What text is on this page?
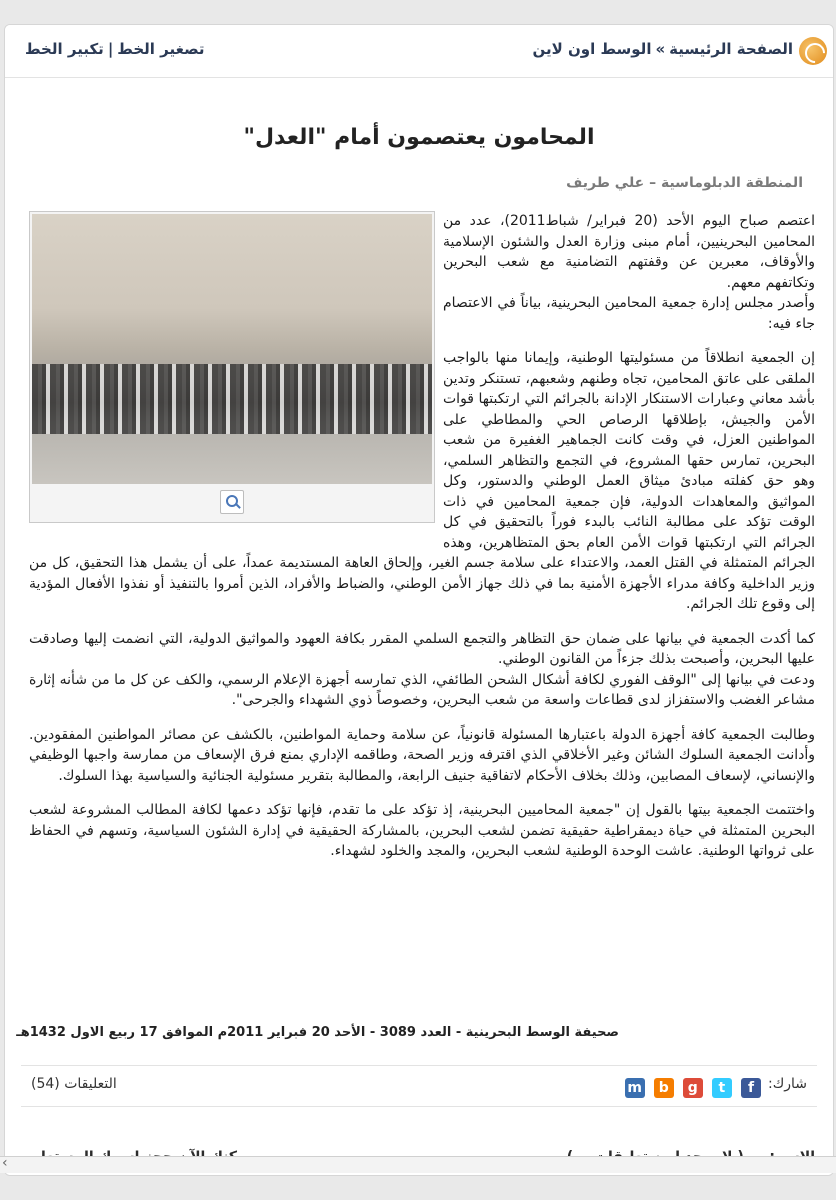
الصفحة الرئيسية»الوسط اون لاين
تصغير الخط|تكبير الخط
المحامون يعتصمون أمام "العدل"
المنطقة الدبلوماسية – علي طريف

اعتصم صباح اليوم الأحد (20 فبراير/ شباط2011)، عدد من المحامين البحرينيين، أمام مبنى وزارة العدل والشئون الإسلامية والأوقاف، معبرين عن وقفتهم التضامنية مع شعب البحرين وتكاتفهم معهم.
وأصدر مجلس إدارة جمعية المحامين البحرينية، بياناً في الاعتصام جاء فيه:

إن الجمعية انطلاقاً من مسئوليتها الوطنية، وإيمانا منها بالواجب الملقى على عاتق المحامين، تجاه وطنهم وشعبهم، تستنكر وتدين بأشد معاني وعبارات الاستنكار الإدانة بالجرائم التي ارتكبتها قوات الأمن والجيش، بإطلاقها الرصاص الحي والمطاطي على المواطنين العزل، في وقت كانت الجماهير الغفيرة من شعب البحرين، تمارس حقها المشروع، في التجمع والتظاهر السلمي، وهو حق كفلته مبادئ ميثاق العمل الوطني والدستور، وكل المواثيق والمعاهدات الدولية، فإن جمعية المحامين في ذات الوقت تؤكد على مطالبة النائب بالبدء فوراً بالتحقيق في كل الجرائم التي ارتكبتها قوات الأمن العام بحق المتظاهرين، وهذه الجرائم المتمثلة في القتل العمد، والاعتداء على سلامة جسم الغير، وإلحاق العاهة المستديمة عمداً، على أن يشمل هذا التحقيق، كل من وزير الداخلية وكافة مدراء الأجهزة الأمنية بما في ذلك جهاز الأمن الوطني، والضباط والأفراد، الذين أمروا بالتنفيذ أو نفذوا الأفعال المؤدية إلى وقوع تلك الجرائم.

كما أكدت الجمعية في بيانها على ضمان حق التظاهر والتجمع السلمي المقرر بكافة العهود والمواثيق الدولية، التي انضمت إليها وصادقت عليها البحرين، وأصبحت بذلك جزءاً من القانون الوطني.
ودعت في بيانها إلى "الوقف الفوري لكافة أشكال الشحن الطائفي، الذي تمارسه أجهزة الإعلام الرسمي، والكف عن كل ما من شأنه إثارة مشاعر الغضب والاستفزاز لدى قطاعات واسعة من شعب البحرين، وخصوصاً ذوي الشهداء والجرحى".

وطالبت الجمعية كافة أجهزة الدولة باعتبارها المسئولة قانونياً، عن سلامة وحماية المواطنين، بالكشف عن مصائر المواطنين المفقودين. وأدانت الجمعية السلوك الشائن وغير الأخلاقي الذي اقترفه وزير الصحة، وطاقمه الإداري بمنع فرق الإسعاف من ممارسة واجبها الوظيفي والإنساني، لإسعاف المصابين، وذلك بخلاف الأحكام لاتفاقية جنيف الرابعة، والمطالبة بتقرير مسئولية الجنائية والسياسية بهذا السلوك.

واختتمت الجمعية بيتها بالقول إن "جمعية المحاميين البحرينية، إذ تؤكد على ما تقدم، فإنها تؤكد دعمها لكافة المطالب المشروعة لشعب البحرين المتمثلة في حياة ديمقراطية حقيقية تضمن لشعب البحرين، بالمشاركة الحقيقية في إدارة الشئون السياسية، وتسهم في الحفاظ على ثرواتها الوطنية. عاشت الوحدة الوطنية لشعب البحرين، والمجد والخلود لشهداء.

صحيفة الوسط البحرينية - العدد 3089 - الأحد 20 فبراير 2011م الموافق 17 ربيع الاول 1432هـ
شارك:
f t g b m
التعليقات (54)
‹
